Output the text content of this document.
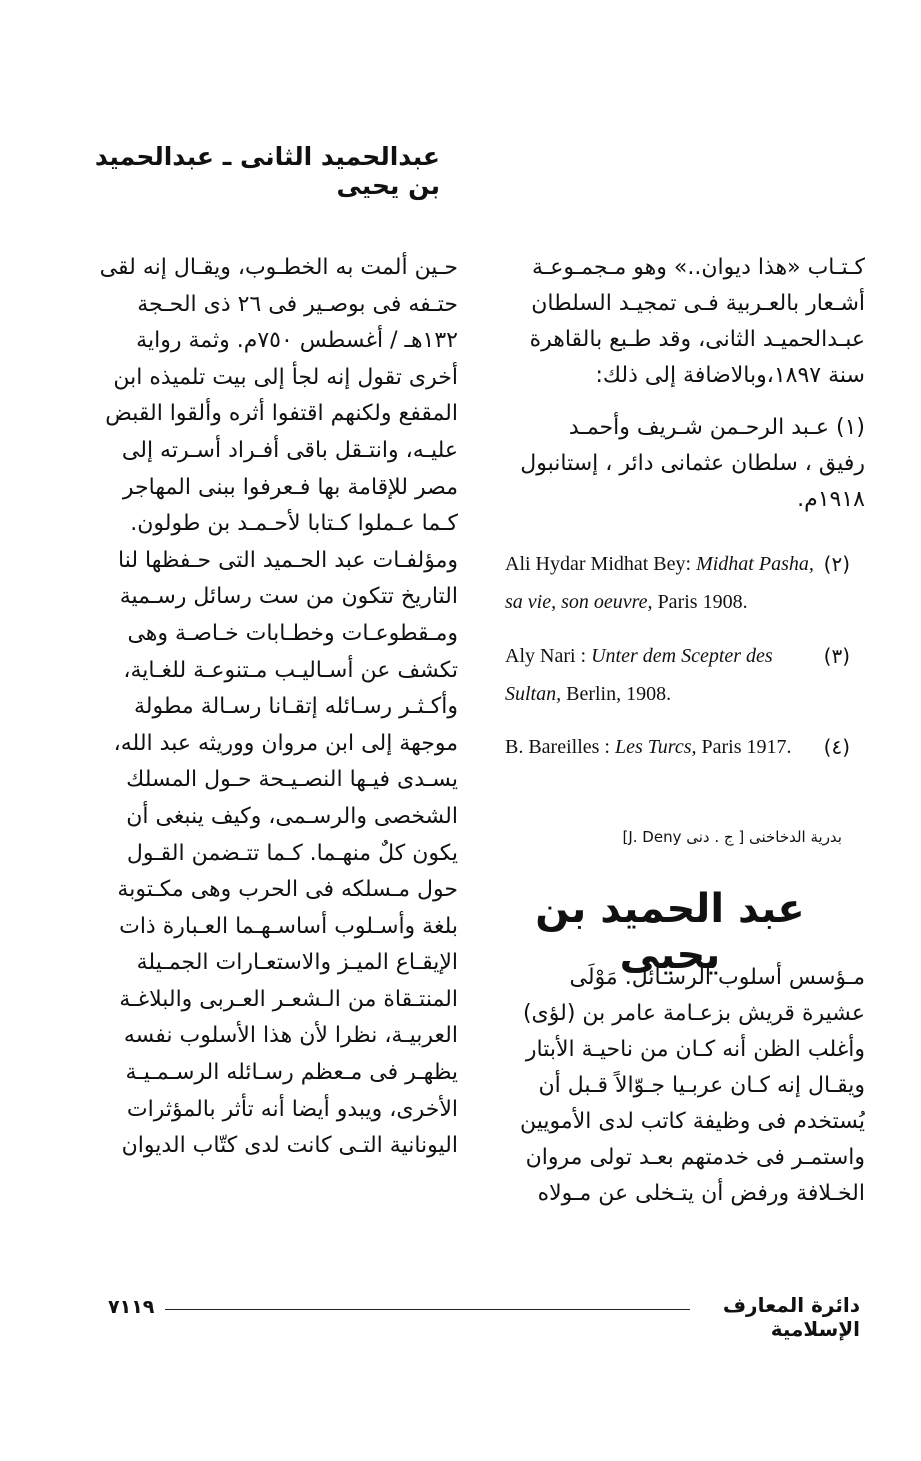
عبدالحميد الثانى ـ عبدالحميد بن يحيى
حـين ألمت به الخطـوب، ويقـال إنه لقى
حتـفه فى بوصـير فى ٢٦ ذى الحـجة
١٣٢هـ / أغسطس ٧٥٠م. وثمة رواية
أخرى تقول إنه لجأ إلى بيت تلميذه ابن
المقفع ولكنهم اقتفوا أثره وألقوا القبض
عليـه، وانتـقل باقى أفـراد أسـرته إلى
مصر للإقامة بها فـعرفوا ببنى المهاجر
كـما عـملوا كـتابا لأحـمـد بن طولون.
ومؤلفـات عبد الحـميد التى حـفظها لنا
التاريخ تتكون من ست رسائل رسـمية
ومـقطوعـات وخطـابات خـاصـة وهى
تكشف عن أسـاليـب مـتنوعـة للغـاية،
وأكـثـر رسـائله إتقـانا رسـالة مطولة
موجهة إلى ابن مروان ووريثه عبد الله،
يسـدى فيـها النصـيـحة حـول المسلك
الشخصى والرسـمى، وكيف ينبغى أن
يكون كلٌ منهـما. كـما تتـضمن القـول
حول مـسلكه فى الحرب وهى مكـتوبة
بلغة وأسـلوب أساسـهـما العـبارة ذات
الإيقـاع الميـز والاستعـارات الجمـيلة
المنتـقاة من الـشعـر العـربى والبلاغـة
العربيـة، نظرا لأن هذا الأسلوب نفسه
يظهـر فى مـعظم رسـائله الرسـمـيـة
الأخرى، ويبدو أيضا أنه تأثر بالمؤثرات
اليونانية التـى كانت لدى كتّاب الديوان
كـتـاب «هذا ديوان..» وهو مـجمـوعـة
أشـعار بالعـربية فـى تمجيـد السلطان
عبـدالحميـد الثانى، وقد طـبع بالقاهرة
سنة ١٨٩٧،وبالاضافة إلى ذلك:
(١) عـبد الرحـمن شـريف وأحمـد
رفيق ، سلطان عثمانى دائر ، إستانبول
١٩١٨م.
(٢)
Ali Hydar Midhat Bey: Midhat Pasha, sa vie, son oeuvre, Paris 1908.
(٣)
Aly Nari : Unter dem Scepter des Sultan, Berlin, 1908.
(٤)
B. Bareilles : Les Turcs, Paris 1917.
بدرية الدخاخنى [ ج . دنى J. Deny]
عبد الحميد بن يحيى
مـؤسس أسلوب الرسـائل. مَوْلَى
عشيرة قريش بزعـامة عامر بن (لؤى)
وأغلب الظن أنه كـان من ناحيـة الأبتار
ويقـال إنه كـان عربـيا جـوّالاً قـبل أن
يُستخدم فى وظيفة كاتب لدى الأمويين
واستمـر فى خدمتهم بعـد تولى مروان
الخـلافة ورفض أن يتـخلى عن مـولاه
٧١١٩	دائرة المعارف الإسلامية
